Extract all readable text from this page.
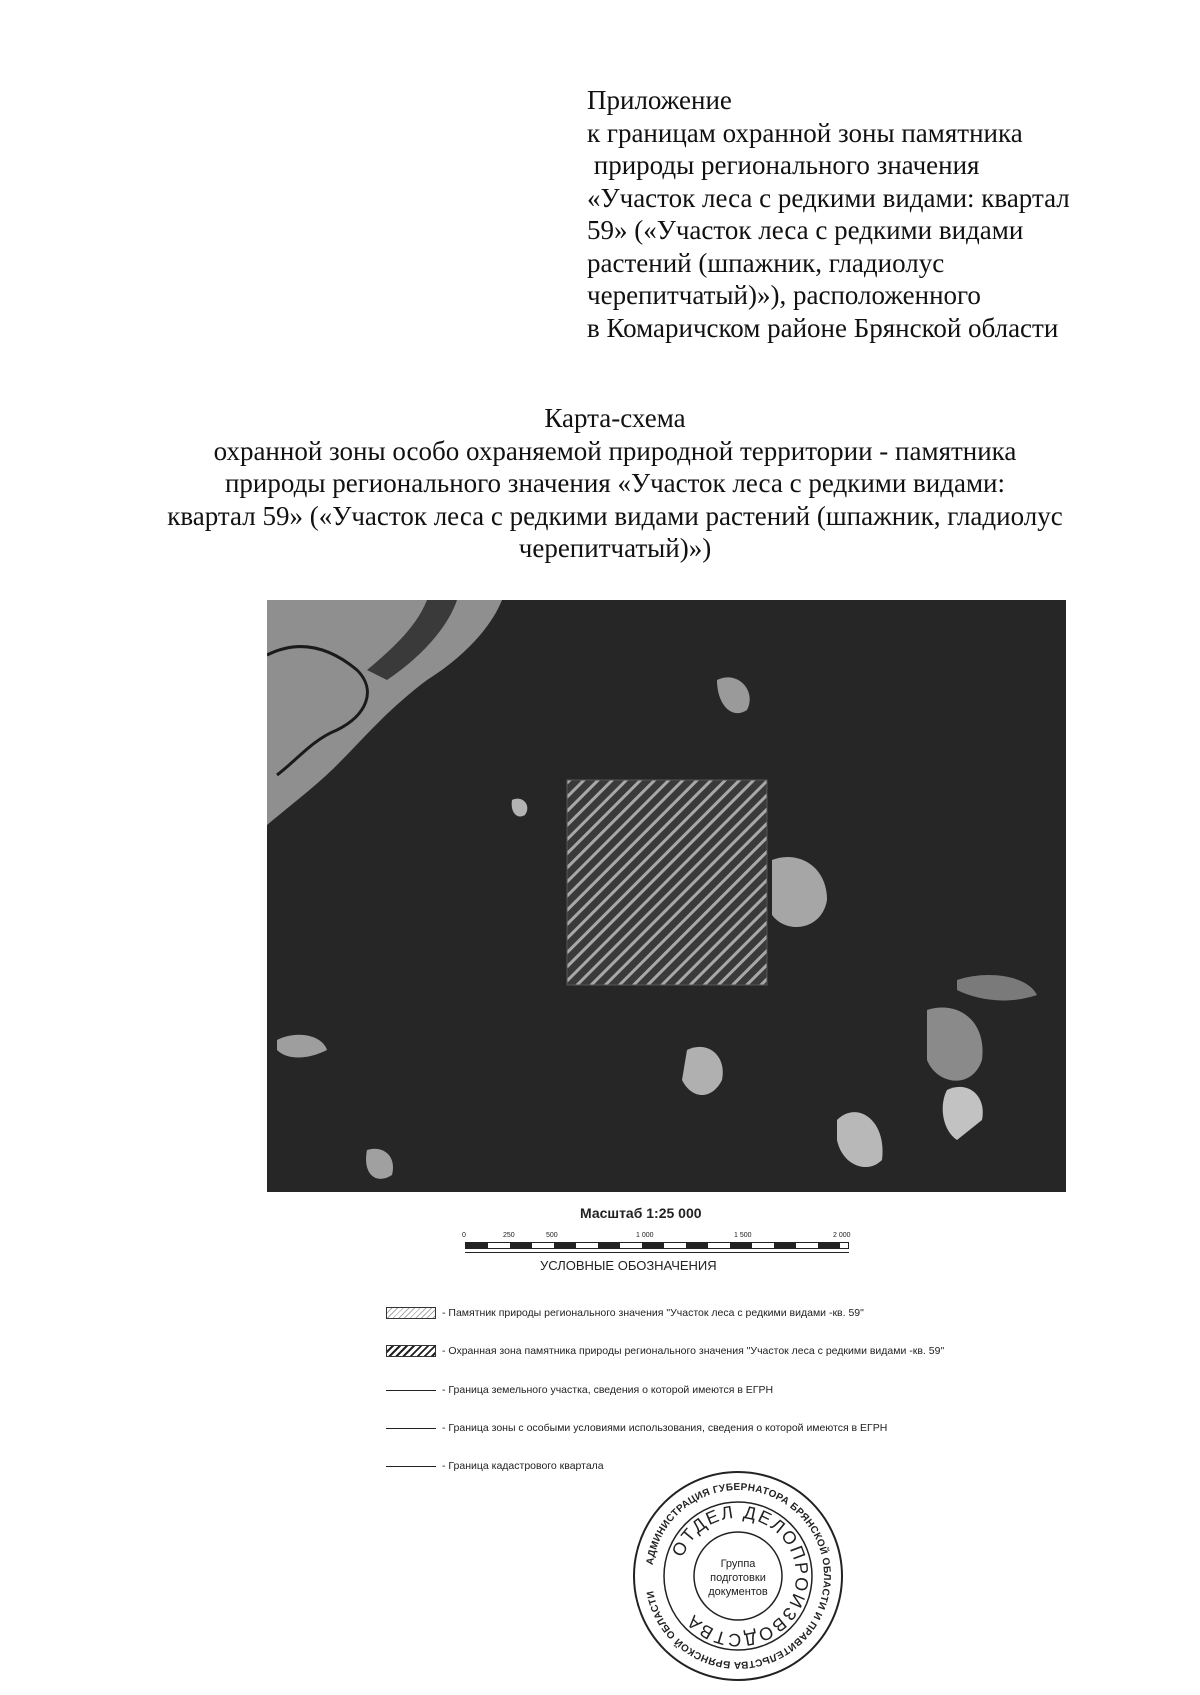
Приложение
к границам охранной зоны памятника
природы регионального значения
«Участок леса с редкими видами: квартал
59» («Участок леса с редкими видами
растений (шпажник, гладиолус
черепитчатый)»), расположенного
в Комаричском районе Брянской области
Карта-схема
охранной зоны особо охраняемой природной территории - памятника
природы регионального значения «Участок леса с редкими видами:
квартал 59» («Участок леса с редкими видами растений (шпажник, гладиолус
черепитчатый)»)
Масштаб 1:25 000
0	250	500	1 000	1 500	2 000
УСЛОВНЫЕ ОБОЗНАЧЕНИЯ
- Памятник природы регионального значения "Участок леса с редкими видами -кв. 59"
- Охранная зона памятника природы регионального значения "Участок леса с редкими видами -кв. 59"
- Граница земельного участка, сведения о которой имеются в ЕГРН
- Граница зоны с особыми условиями использования, сведения о которой имеются в ЕГРН
- Граница кадастрового квартала
АДМИНИСТРАЦИЯ ГУБЕРНАТОРА БРЯНСКОЙ ОБЛАСТИ И ПРАВИТЕЛЬСТВА БРЯНСКОЙ ОБЛАСТИ
ОТДЕЛ ДЕЛОПРОИЗВОДСТВА
Группа
подготовки
документов
